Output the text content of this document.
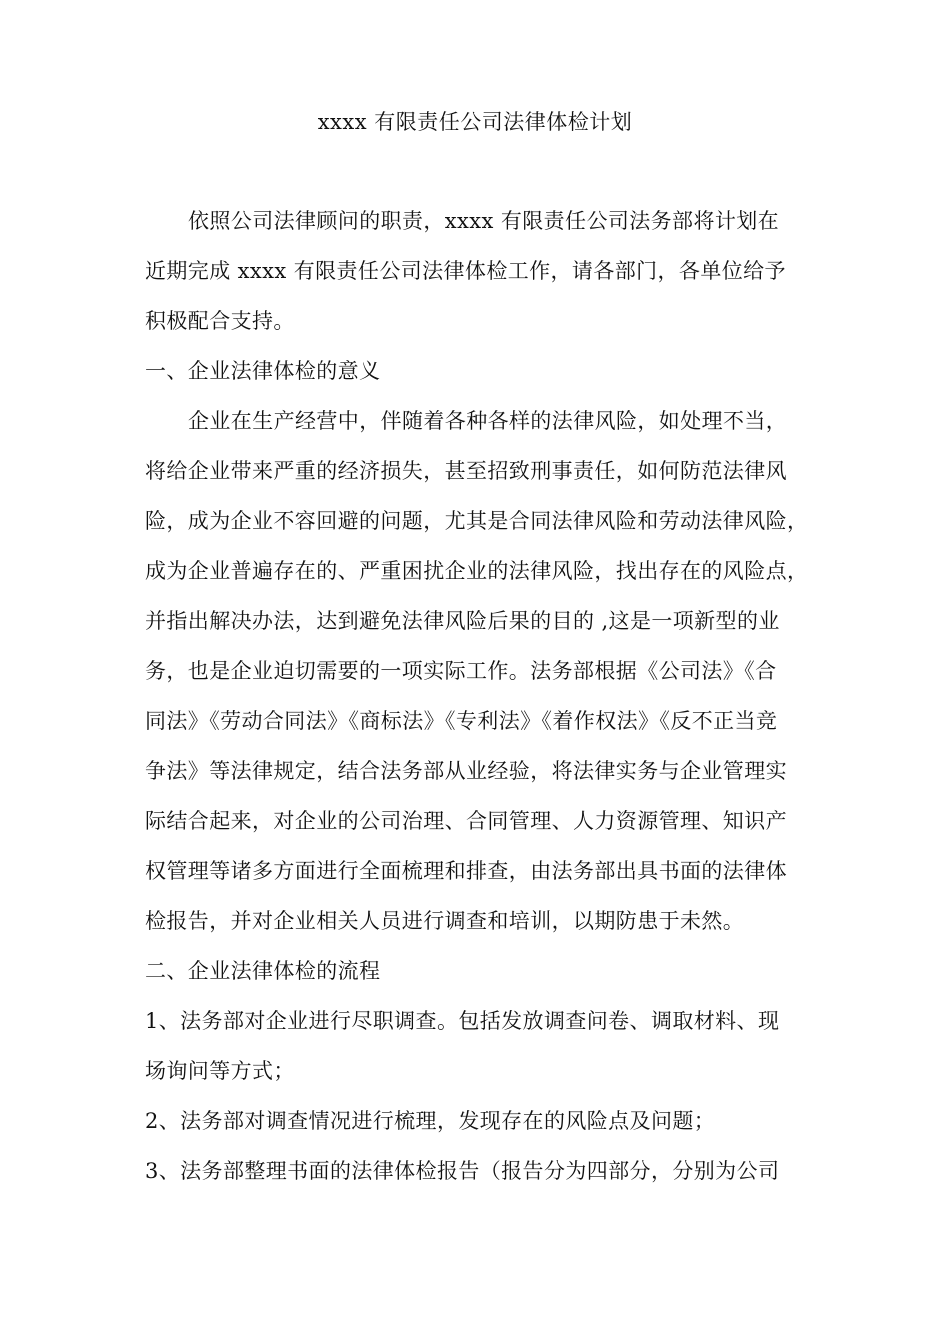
xxxx 有限责任公司法律体检计划
依照公司法律顾问的职责，xxxx 有限责任公司法务部将计划在
近期完成 xxxx 有限责任公司法律体检工作，请各部门，各单位给予
积极配合支持。
一、企业法律体检的意义
企业在生产经营中，伴随着各种各样的法律风险，如处理不当，
将给企业带来严重的经济损失，甚至招致刑事责任，如何防范法律风
险，成为企业不容回避的问题，尤其是合同法律风险和劳动法律风险，
成为企业普遍存在的、严重困扰企业的法律风险，找出存在的风险点，
并指出解决办法，达到避免法律风险后果的目的 ,这是一项新型的业
务，也是企业迫切需要的一项实际工作。法务部根据《公司法》《合
同法》《劳动合同法》《商标法》《专利法》《着作权法》《反不正当竞
争法》等法律规定，结合法务部从业经验，将法律实务与企业管理实
际结合起来，对企业的公司治理、合同管理、人力资源管理、知识产
权管理等诸多方面进行全面梳理和排查，由法务部出具书面的法律体
检报告，并对企业相关人员进行调查和培训，以期防患于未然。
二、企业法律体检的流程
1、法务部对企业进行尽职调查。包括发放调查问卷、调取材料、现
场询问等方式；
2、法务部对调查情况进行梳理，发现存在的风险点及问题；
3、法务部整理书面的法律体检报告（报告分为四部分，分别为公司
